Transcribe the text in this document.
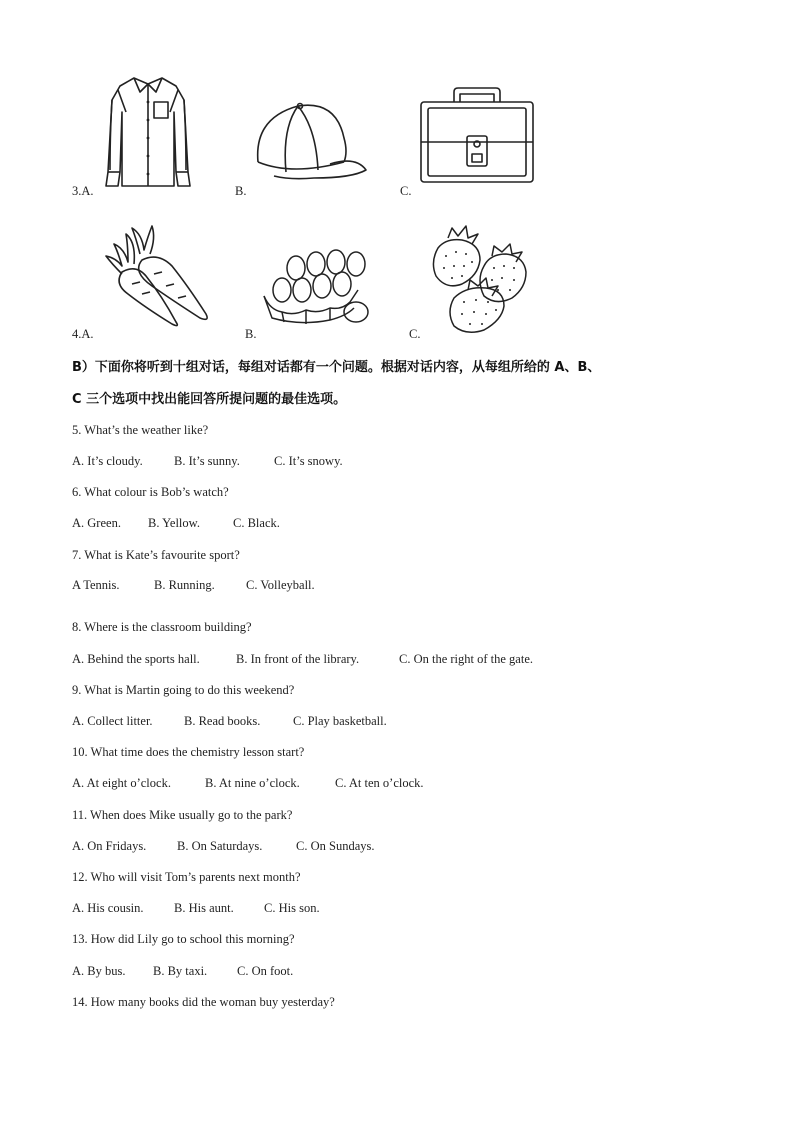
3.A.	B.	C.
4.A.	B.	C.
B）下面你将听到十组对话，每组对话都有一个问题。根据对话内容，从每组所给的 A、B、
C 三个选项中找出能回答所提问题的最佳选项。
5. What’s the weather like?
A. It’s cloudy.	B. It’s sunny.	C. It’s snowy.
6. What colour is Bob’s watch?
A. Green. B. Yellow.	C. Black.
7. What is Kate’s favourite sport?
A Tennis.	B. Running. C. Volleyball.
8. Where is the classroom building?
A. Behind the sports hall.	B. In front of the library.	C. On the right of the gate.
9. What is Martin going to do this weekend?
A. Collect litter.	B. Read books.	C. Play basketball.
10. What time does the chemistry lesson start?
A. At eight o’clock.	B. At nine o’clock.	C. At ten o’clock.
11. When does Mike usually go to the park?
A. On Fridays. B. On Saturdays.	C. On Sundays.
12. Who will visit Tom’s parents next month?
A. His cousin. B. His aunt. C. His son.
13. How did Lily go to school this morning?
A. By bus. B. By taxi. C. On foot.
14. How many books did the woman buy yesterday?
